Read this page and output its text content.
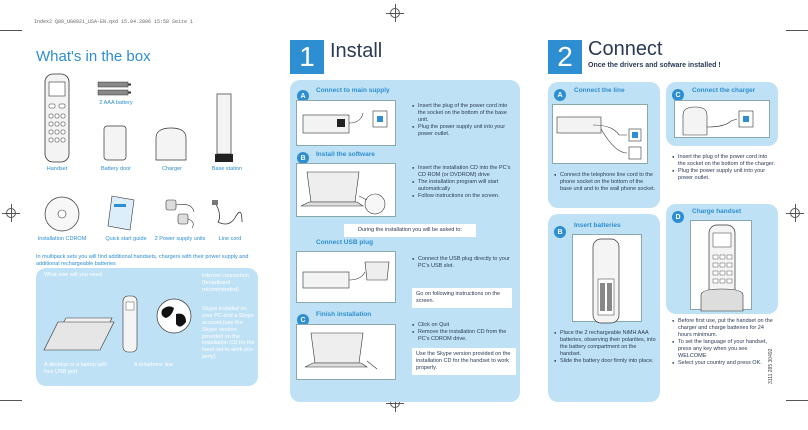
Index2 Q80_UG0921_USA-EN.qxd 15.04.2006 15:58 Seite 1
What's in the box
Handset
2 AAA battery
Battery door	Charger	Base station
Installation CDROM	Quick start guide	2 Power supply units	Line cord
In multipack sets you will find additional handsets, chargers with their power supply and additional rechargeable batteries
What else will you need	Internet connection (broadband recommended)
Skype installed on your PC and a Skype account (use the Skype version provided on the installation CD for the hand-set to work pro-perly).
A desktop or a laptop with free USB port
A telephone line
1 Install
A
Connect to main supply
● Insert the plug of the power cord into the socket on the bottom of the base unit.
● Plug the power supply unit into your power outlet.
B	Install the software
● Insert the installation CD into the PC's CD ROM (or DVDROM) drive
● The installation program will start automatically
● Follow instructions on the screen.
During the installation you will be asked to:
Connect USB plug
● Connect the USB plug directly to your PC's USB slot.
Go on following instructions on the screen.
C
Finish installation
● Click on Quit
● Remove the installation CD from the PC's CDROM drive.
Use the Skype version provided on the installation CD for the handset to work properly.
2 Connect
Once the drivers and sofware installed !
A
Connect the line
● Connect the telephone line cord to the phone socket on the bottom of the base unit and to the wall phone socket.
B
Insert batteries
● Place the 2 rechargeable NiMH AAA batteries, observing their polarities, into the battery compartment on the handset.
● Slide the battery door firmly into place.
C
Connect the charger
● Insert the plug of the power cord into the socket on the bottom of the charger.
● Plug the power supply unit into your power outlet.
D
Charge handset
● Before first use, put the handset on the charger and charge batteries for 24 hours minimum.
● To set the language of your handset, press any key when you see WELCOME
● Select your country and press OK.	3111 285 30492
